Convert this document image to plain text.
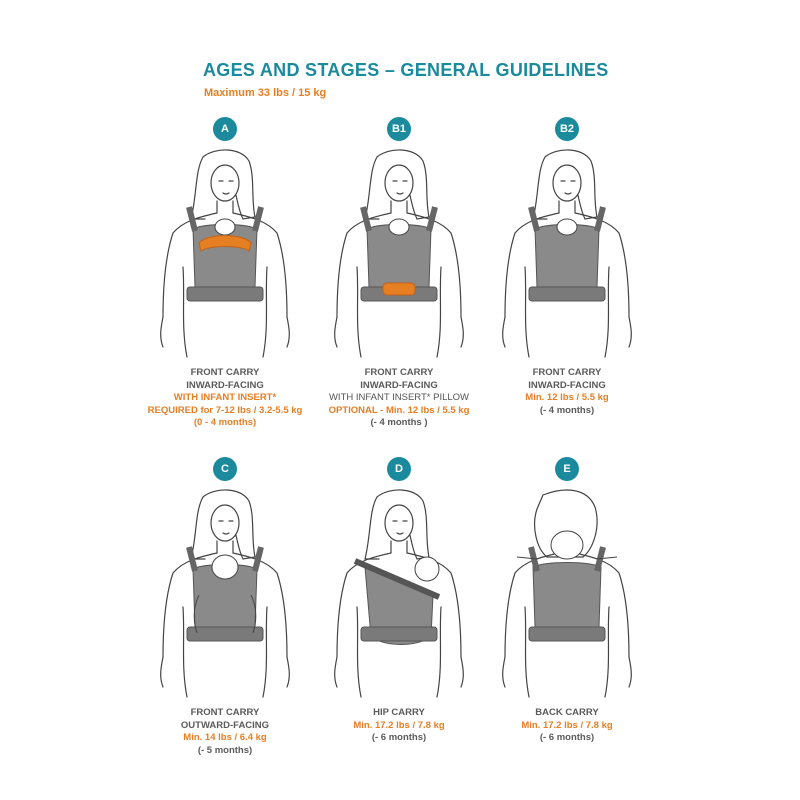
AGES AND STAGES – GENERAL GUIDELINES
Maximum 33 lbs / 15 kg
A
FRONT CARRY
INWARD-FACING
WITH INFANT INSERT*
REQUIRED for 7-12 lbs / 3.2-5.5 kg
(0 - 4 months)
B1
FRONT CARRY
INWARD-FACING
WITH INFANT INSERT* PILLOW
OPTIONAL - Min. 12 lbs / 5.5 kg
(- 4 months )
B2
FRONT CARRY
INWARD-FACING
Min. 12 lbs / 5.5 kg
(- 4 months)
C
FRONT CARRY
OUTWARD-FACING
Min. 14 lbs / 6.4 kg
(- 5 months)
D
HIP CARRY
Min. 17.2 lbs / 7.8 kg
(- 6 months)
E
BACK CARRY
Min. 17.2 lbs / 7.8 kg
(- 6 months)
